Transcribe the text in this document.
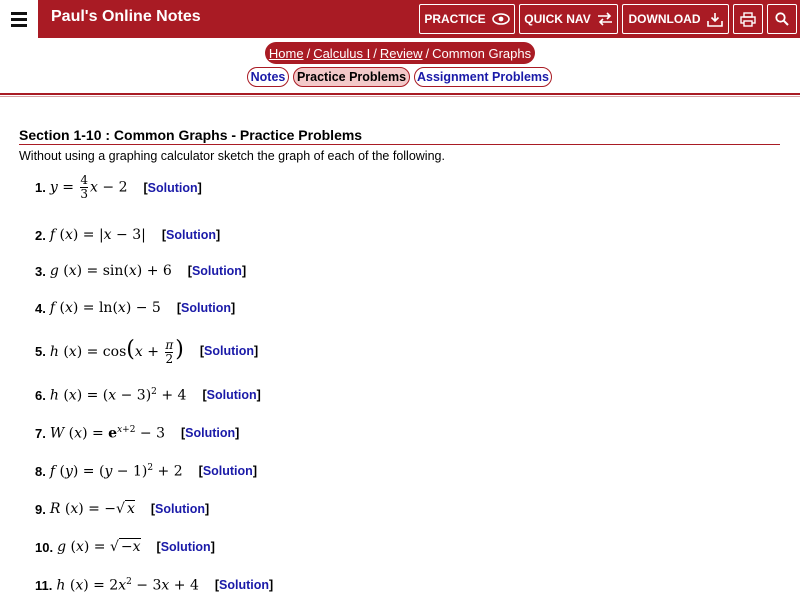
Paul's Online Notes	PRACTICE	QUICK NAV	DOWNLOAD
Home / Calculus I / Review / Common Graphs
Notes Practice Problems Assignment Problems
Section 1-10 : Common Graphs - Practice Problems
Without using a graphing calculator sketch the graph of each of the following.
1. $y = \frac{4}{3}$ x − 2 [Solution]
2. f (x) = |x − 3| [Solution]
3. g (x) = sin(x) + 6 [Solution]
4. f (x) = ln(x) − 5 [Solution]
5. h $(x) = \cos(x + \frac{\pi}{2}$ ) [Solution]
6. h $(x) = (x - 3)^2 + 4$ [Solution]
7. W $(x) = e^{x+2} - 3$ [Solution]
8. f $(y) = (y - 1)^2 + 2$ [Solution]
9. R (x) = −√ x [Solution]
10. g (x) = √ −x [Solution]
11. h $(x) = 2x^2 - 3x + 4$ [Solution]
